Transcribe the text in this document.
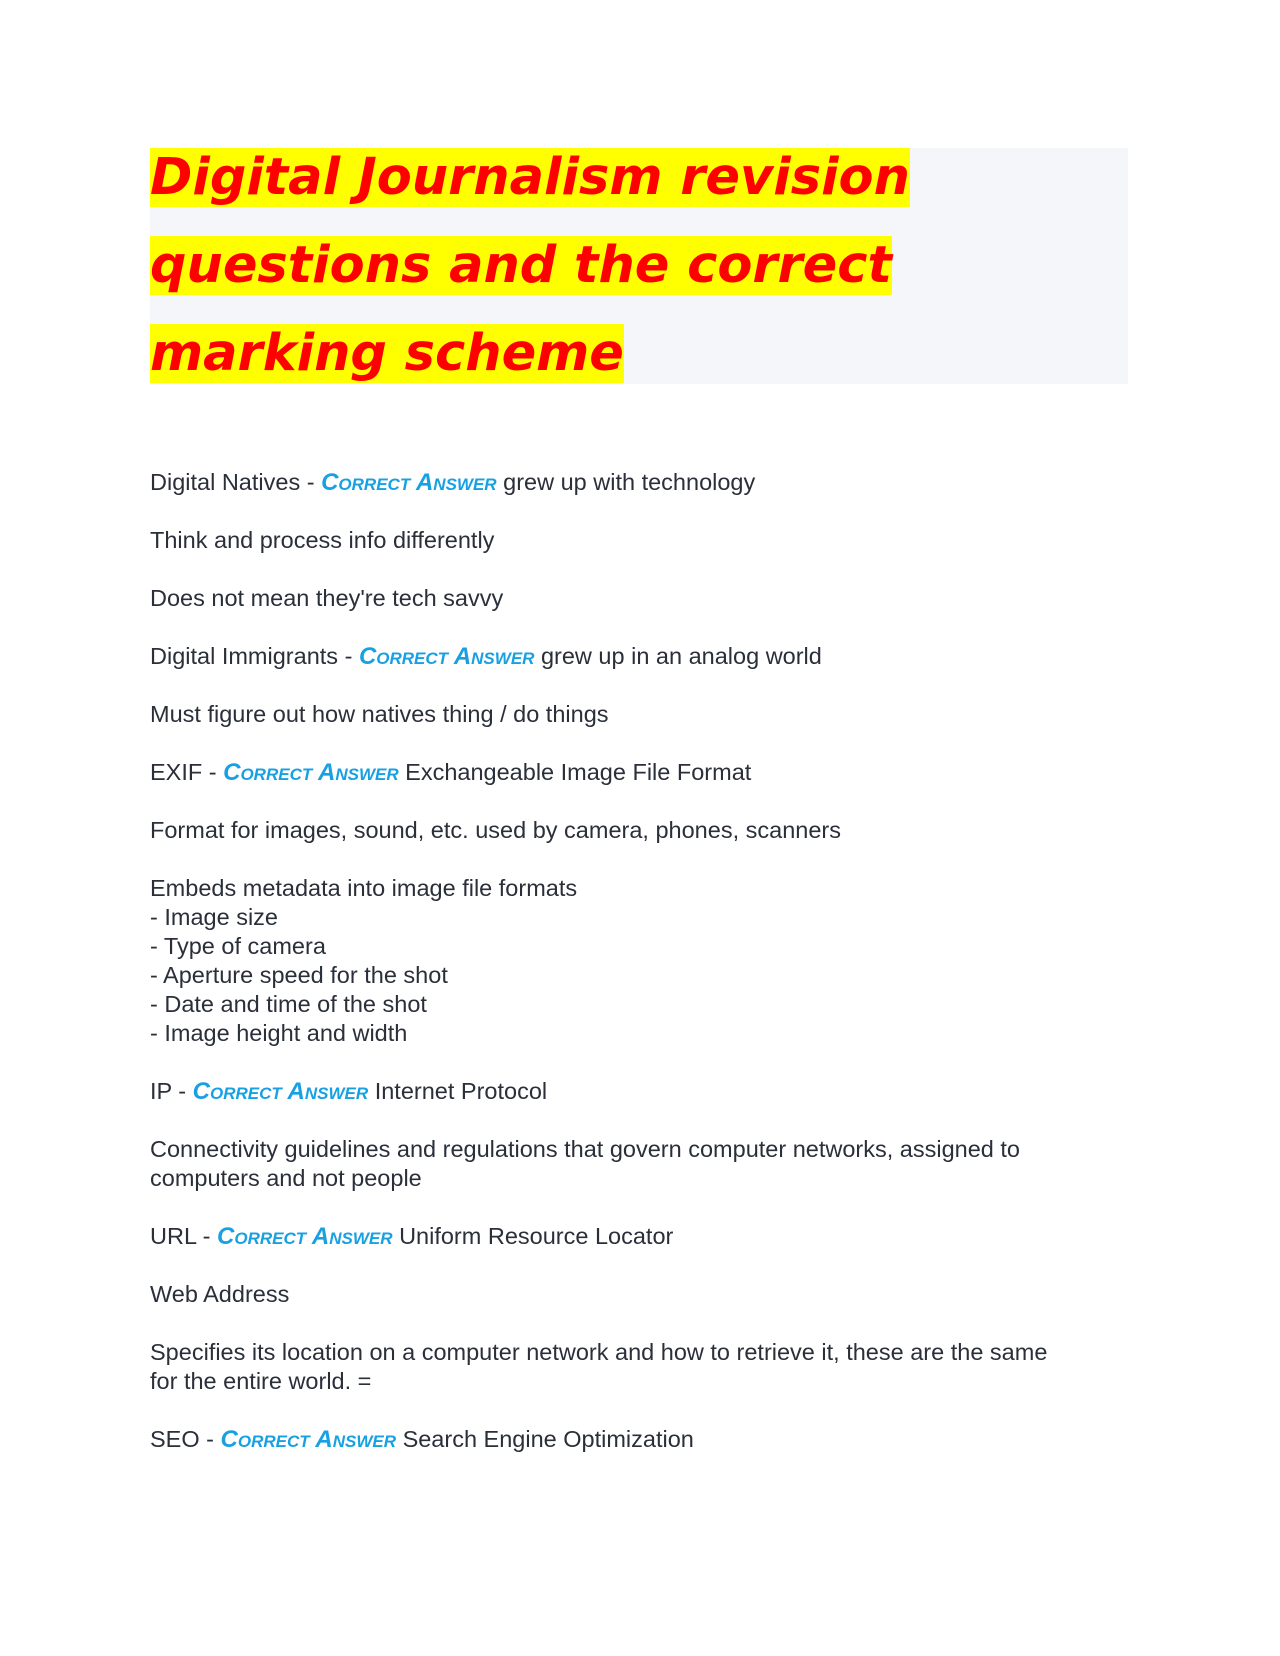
Digital Journalism revision
questions and the correct
marking scheme

Digital Natives - Correct Answer grew up with technology

Think and process info differently

Does not mean they're tech savvy

Digital Immigrants - Correct Answer grew up in an analog world

Must figure out how natives thing / do things

EXIF - Correct Answer Exchangeable Image File Format

Format for images, sound, etc. used by camera, phones, scanners

Embeds metadata into image file formats
- Image size
- Type of camera
- Aperture speed for the shot
- Date and time of the shot
- Image height and width

IP - Correct Answer Internet Protocol

Connectivity guidelines and regulations that govern computer networks, assigned to
computers and not people

URL - Correct Answer Uniform Resource Locator

Web Address

Specifies its location on a computer network and how to retrieve it, these are the same
for the entire world. =

SEO - Correct Answer Search Engine Optimization
